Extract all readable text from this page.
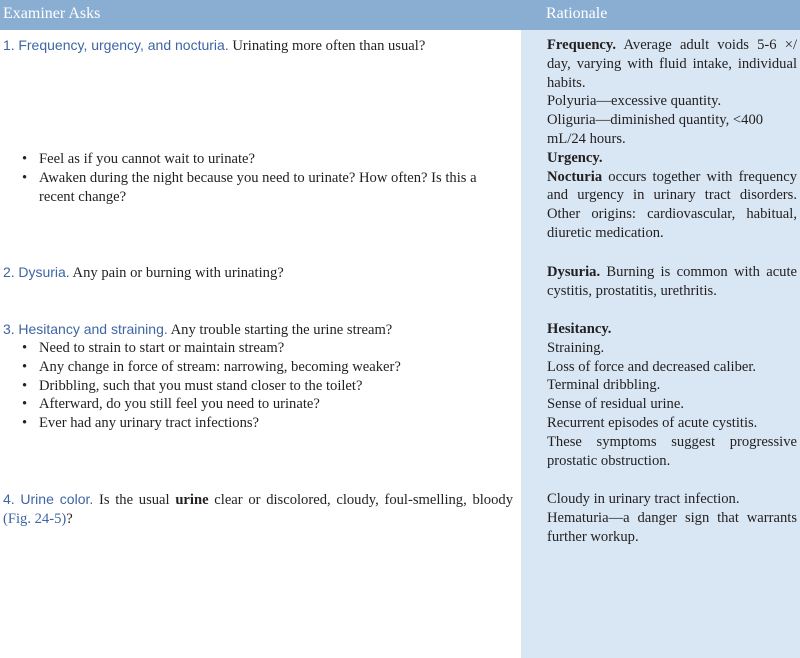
Examiner Asks	Rationale
1. Frequency, urgency, and nocturia. Urinating more often than usual?
• Feel as if you cannot wait to urinate?
• Awaken during the night because you need to urinate? How often? Is this a recent change?

Frequency. Average adult voids 5-6 ×/ day, varying with fluid intake, individual habits.

Polyuria—excessive quantity.

Oliguria—diminished quantity, <400 mL/24 hours.

Urgency.

Nocturia occurs together with frequency and urgency in urinary tract disorders. Other origins: cardiovascular, habitual, diuretic medication.

2. Dysuria. Any pain or burning with urinating?	Dysuria. Burning is common with acute cystitis, prostatitis, urethritis.

3. Hesitancy and straining. Any trouble starting the urine stream?
• Need to strain to start or maintain stream?
• Any change in force of stream: narrowing, becoming weaker?
• Dribbling, such that you must stand closer to the toilet?
• Afterward, do you still feel you need to urinate?
• Ever had any urinary tract infections?

Hesitancy.

Straining.

Loss of force and decreased caliber.

Terminal dribbling.

Sense of residual urine.

Recurrent episodes of acute cystitis.

These symptoms suggest progressive prostatic obstruction.

4. Urine color. Is the usual urine clear or discolored, cloudy, foul-smelling, bloody (Fig. 24-5)?

Cloudy in urinary tract infection.

Hematuria—a danger sign that warrants further workup.
